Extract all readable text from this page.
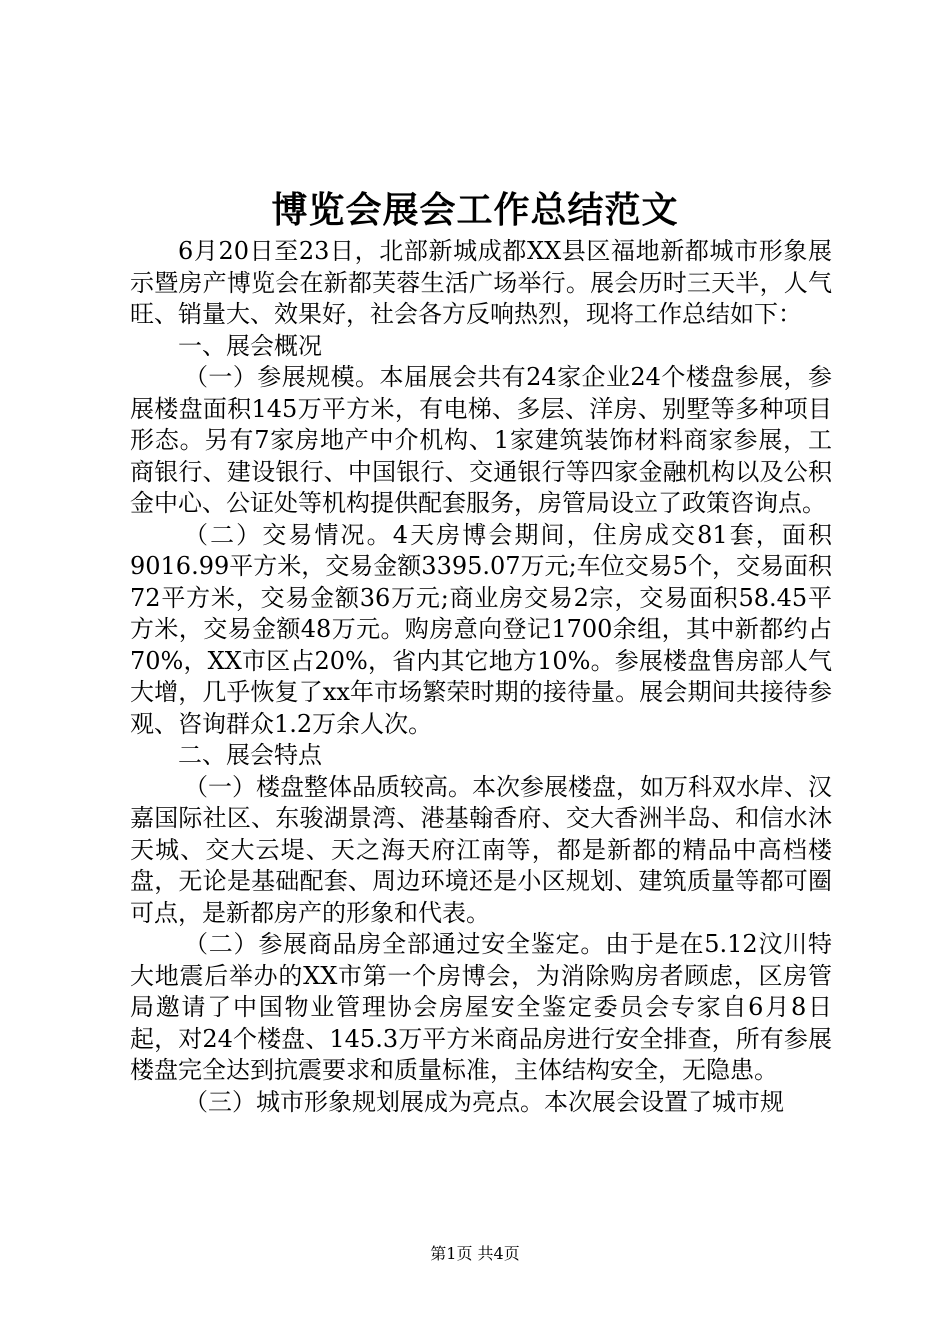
博览会展会工作总结范文

6月20日至23日，北部新城成都XX县区福地新都城市形象展示暨房产博览会在新都芙蓉生活广场举行。展会历时三天半，人气旺、销量大、效果好，社会各方反响热烈，现将工作总结如下：

一、展会概况

（一）参展规模。本届展会共有24家企业24个楼盘参展，参展楼盘面积145万平方米，有电梯、多层、洋房、别墅等多种项目形态。另有7家房地产中介机构、1家建筑装饰材料商家参展，工商银行、建设银行、中国银行、交通银行等四家金融机构以及公积金中心、公证处等机构提供配套服务，房管局设立了政策咨询点。

（二）交易情况。4天房博会期间，住房成交81套，面积9016.99平方米，交易金额3395.07万元;车位交易5个，交易面积72平方米，交易金额36万元;商业房交易2宗，交易面积58.45平方米，交易金额48万元。购房意向登记1700余组，其中新都约占70%，XX市区占20%，省内其它地方10%。参展楼盘售房部人气大增，几乎恢复了xx年市场繁荣时期的接待量。展会期间共接待参观、咨询群众1.2万余人次。

二、展会特点

（一）楼盘整体品质较高。本次参展楼盘，如万科双水岸、汉嘉国际社区、东骏湖景湾、港基翰香府、交大香洲半岛、和信水沐天城、交大云堤、天之海天府江南等，都是新都的精品中高档楼盘，无论是基础配套、周边环境还是小区规划、建筑质量等都可圈可点，是新都房产的形象和代表。

（二）参展商品房全部通过安全鉴定。由于是在5.12汶川特大地震后举办的XX市第一个房博会，为消除购房者顾虑，区房管局邀请了中国物业管理协会房屋安全鉴定委员会专家自6月8日起，对24个楼盘、145.3万平方米商品房进行安全排查，所有参展楼盘完全达到抗震要求和质量标准，主体结构安全，无隐患。

（三）城市形象规划展成为亮点。本次展会设置了城市规

第1页 共4页
